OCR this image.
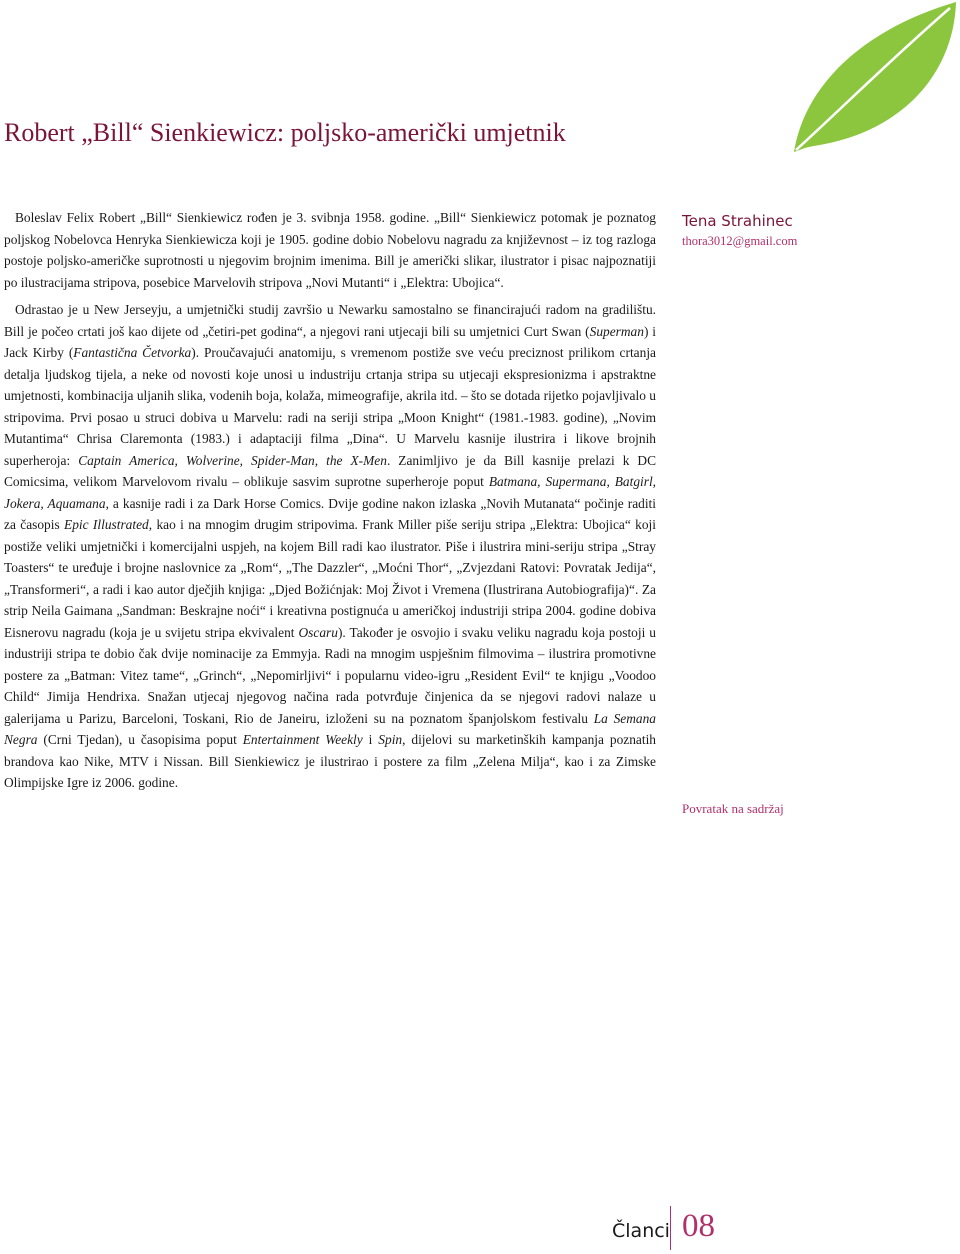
Robert „Bill“ Sienkiewicz: poljsko-američki umjetnik

Boleslav Felix Robert „Bill“ Sienkiewicz rođen je 3. svibnja 1958. godine. „Bill“ Sienkiewicz potomak je poznatog poljskog Nobelovca Henryka Sienkiewicza koji je 1905. godine dobio Nobelovu nagradu za književnost – iz tog razloga postoje poljsko-američke suprotnosti u njegovim brojnim imenima. Bill je američki slikar, ilustrator i pisac najpoznatiji po ilustracijama stripova, posebice Marvelovih stripova „Novi Mutanti“ i „Elektra: Ubojica“.

Odrastao je u New Jerseyju, a umjetnički studij završio u Newarku samostalno se financirajući radom na gradilištu. Bill je počeo crtati još kao dijete od „četiri-pet godina“, a njegovi rani utjecaji bili su umjetnici Curt Swan (Superman) i Jack Kirby (Fantastična Četvorka). Proučavajući anatomiju, s vremenom postiže sve veću preciznost prilikom crtanja detalja ljudskog tijela, a neke od novosti koje unosi u industriju crtanja stripa su utjecaji ekspresionizma i apstraktne umjetnosti, kombinacija uljanih slika, vodenih boja, kolaža, mimeografije, akrila itd. – što se dotada rijetko pojavljivalo u stripovima. Prvi posao u struci dobiva u Marvelu: radi na seriji stripa „Moon Knight“ (1981.-1983. godine), „Novim Mutantima“ Chrisa Claremonta (1983.) i adaptaciji filma „Dina“. U Marvelu kasnije ilustrira i likove brojnih superheroja: Captain America, Wolverine, Spider-Man, the X-Men. Zanimljivo je da Bill kasnije prelazi k DC Comicsima, velikom Marvelovom rivalu – oblikuje sasvim suprotne superheroje poput Batmana, Supermana, Batgirl, Jokera, Aquamana, a kasnije radi i za Dark Horse Comics. Dvije godine nakon izlaska „Novih Mutanata“ počinje raditi za časopis Epic Illustrated, kao i na mnogim drugim stripovima. Frank Miller piše seriju stripa „Elektra: Ubojica“ koji postiže veliki umjetnički i komercijalni uspjeh, na kojem Bill radi kao ilustrator. Piše i ilustrira mini-seriju stripa „Stray Toasters“ te uređuje i brojne naslovnice za „Rom“, „The Dazzler“, „Moćni Thor“, „Zvjezdani Ratovi: Povratak Jedija“, „Transformeri“, a radi i kao autor dječjih knjiga: „Djed Božićnjak: Moj Život i Vremena (Ilustrirana Autobiografija)“. Za strip Neila Gaimana „Sandman: Beskrajne noći“ i kreativna postignuća u američkoj industriji stripa 2004. godine dobiva Eisnerovu nagradu (koja je u svijetu stripa ekvivalent Oscaru). Također je osvojio i svaku veliku nagradu koja postoji u industriji stripa te dobio čak dvije nominacije za Emmyja. Radi na mnogim uspješnim filmovima – ilustrira promotivne postere za „Batman: Vitez tame“, „Grinch“, „Nepomirljivi“ i popularnu video-igru „Resident Evil“ te knjigu „Voodoo Child“ Jimija Hendrixa. Snažan utjecaj njegovog načina rada potvrđuje činjenica da se njegovi radovi nalaze u galerijama u Parizu, Barceloni, Toskani, Rio de Janeiru, izloženi su na poznatom španjolskom festivalu La Semana Negra (Crni Tjedan), u časopisima poput Entertainment Weekly i Spin, dijelovi su marketinških kampanja poznatih brandova kao Nike, MTV i Nissan. Bill Sienkiewicz je ilustrirao i postere za film „Zelena Milja“, kao i za Zimske Olimpijske Igre iz 2006. godine.

Tena Strahinec
thora3012@gmail.com
Povratak na sadržaj
Članci 08
